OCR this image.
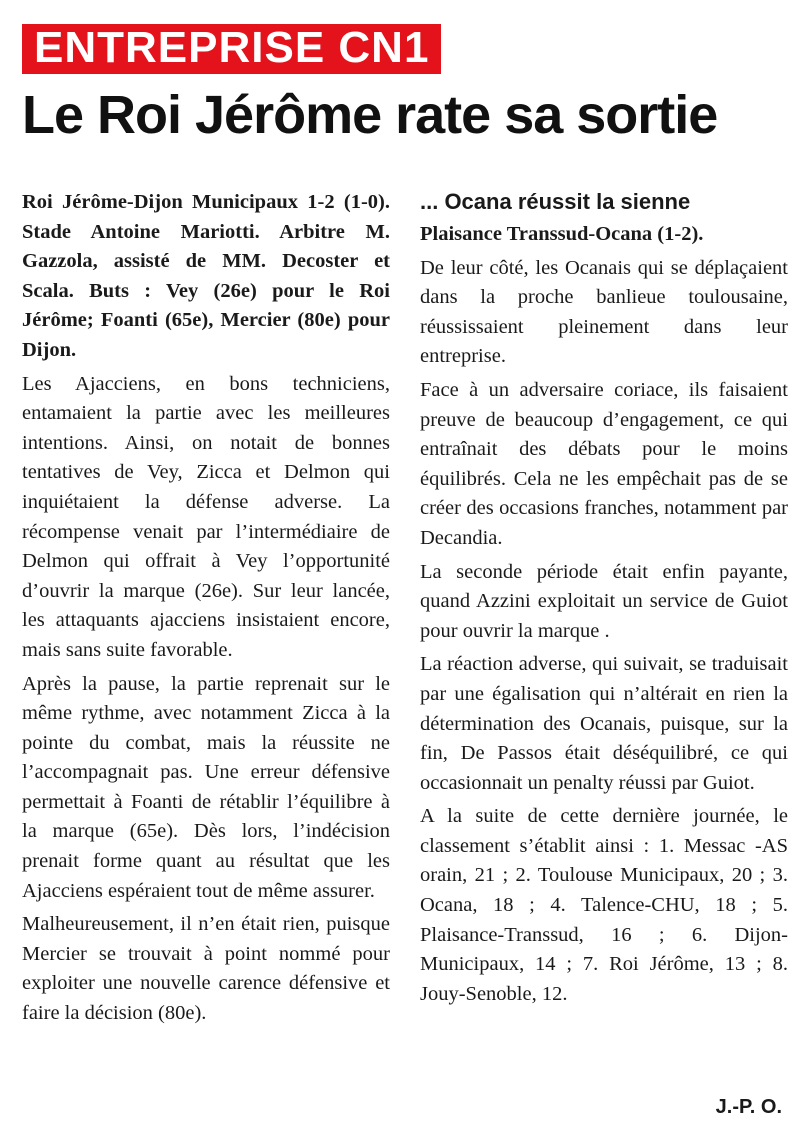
ENTREPRISE CN1
Le Roi Jérôme rate sa sortie

Roi Jérôme-Dijon Municipaux 1-2 (1-0). Stade Antoine Mariotti. Arbitre M. Gazzola, assisté de MM. Decoster et Scala. Buts : Vey (26e) pour le Roi Jérôme; Foanti (65e), Mercier (80e) pour Dijon.

Les Ajacciens, en bons techniciens, entamaient la partie avec les meilleures intentions. Ainsi, on notait de bonnes tentatives de Vey, Zicca et Delmon qui inquiétaient la défense adverse. La récompense venait par l’intermédiaire de Delmon qui offrait à Vey l’opportunité d’ouvrir la marque (26e). Sur leur lancée, les attaquants ajacciens insistaient encore, mais sans suite favorable.

Après la pause, la partie reprenait sur le même rythme, avec notamment Zicca à la pointe du combat, mais la réussite ne l’accompagnait pas. Une erreur défensive permettait à Foanti de rétablir l’équilibre à la marque (65e). Dès lors, l’indécision prenait forme quant au résultat que les Ajacciens espéraient tout de même assurer.

Malheureusement, il n’en était rien, puisque Mercier se trouvait à point nommé pour exploiter une nouvelle carence défensive et faire la décision (80e).

... Ocana réussit la sienne

Plaisance Transsud-Ocana (1-2).

De leur côté, les Ocanais qui se déplaçaient dans la proche banlieue toulousaine, réussissaient pleinement dans leur entreprise.

Face à un adversaire coriace, ils faisaient preuve de beaucoup d’engagement, ce qui entraînait des débats pour le moins équilibrés. Cela ne les empêchait pas de se créer des occasions franches, notamment par Decandia.

La seconde période était enfin payante, quand Azzini exploitait un service de Guiot pour ouvrir la marque .

La réaction adverse, qui suivait, se traduisait par une égalisation qui n’altérait en rien la détermination des Ocanais, puisque, sur la fin, De Passos était déséquilibré, ce qui occasionnait un penalty réussi par Guiot.

A la suite de cette dernière journée, le classement s’établit ainsi : 1. Messac -AS orain, 21 ; 2. Toulouse Municipaux, 20 ; 3. Ocana, 18 ; 4. Talence-CHU, 18 ; 5. Plaisance-Transsud, 16 ; 6. Dijon-Municipaux, 14 ; 7. Roi Jérôme, 13 ; 8. Jouy-Senoble, 12.

J.-P. O.
